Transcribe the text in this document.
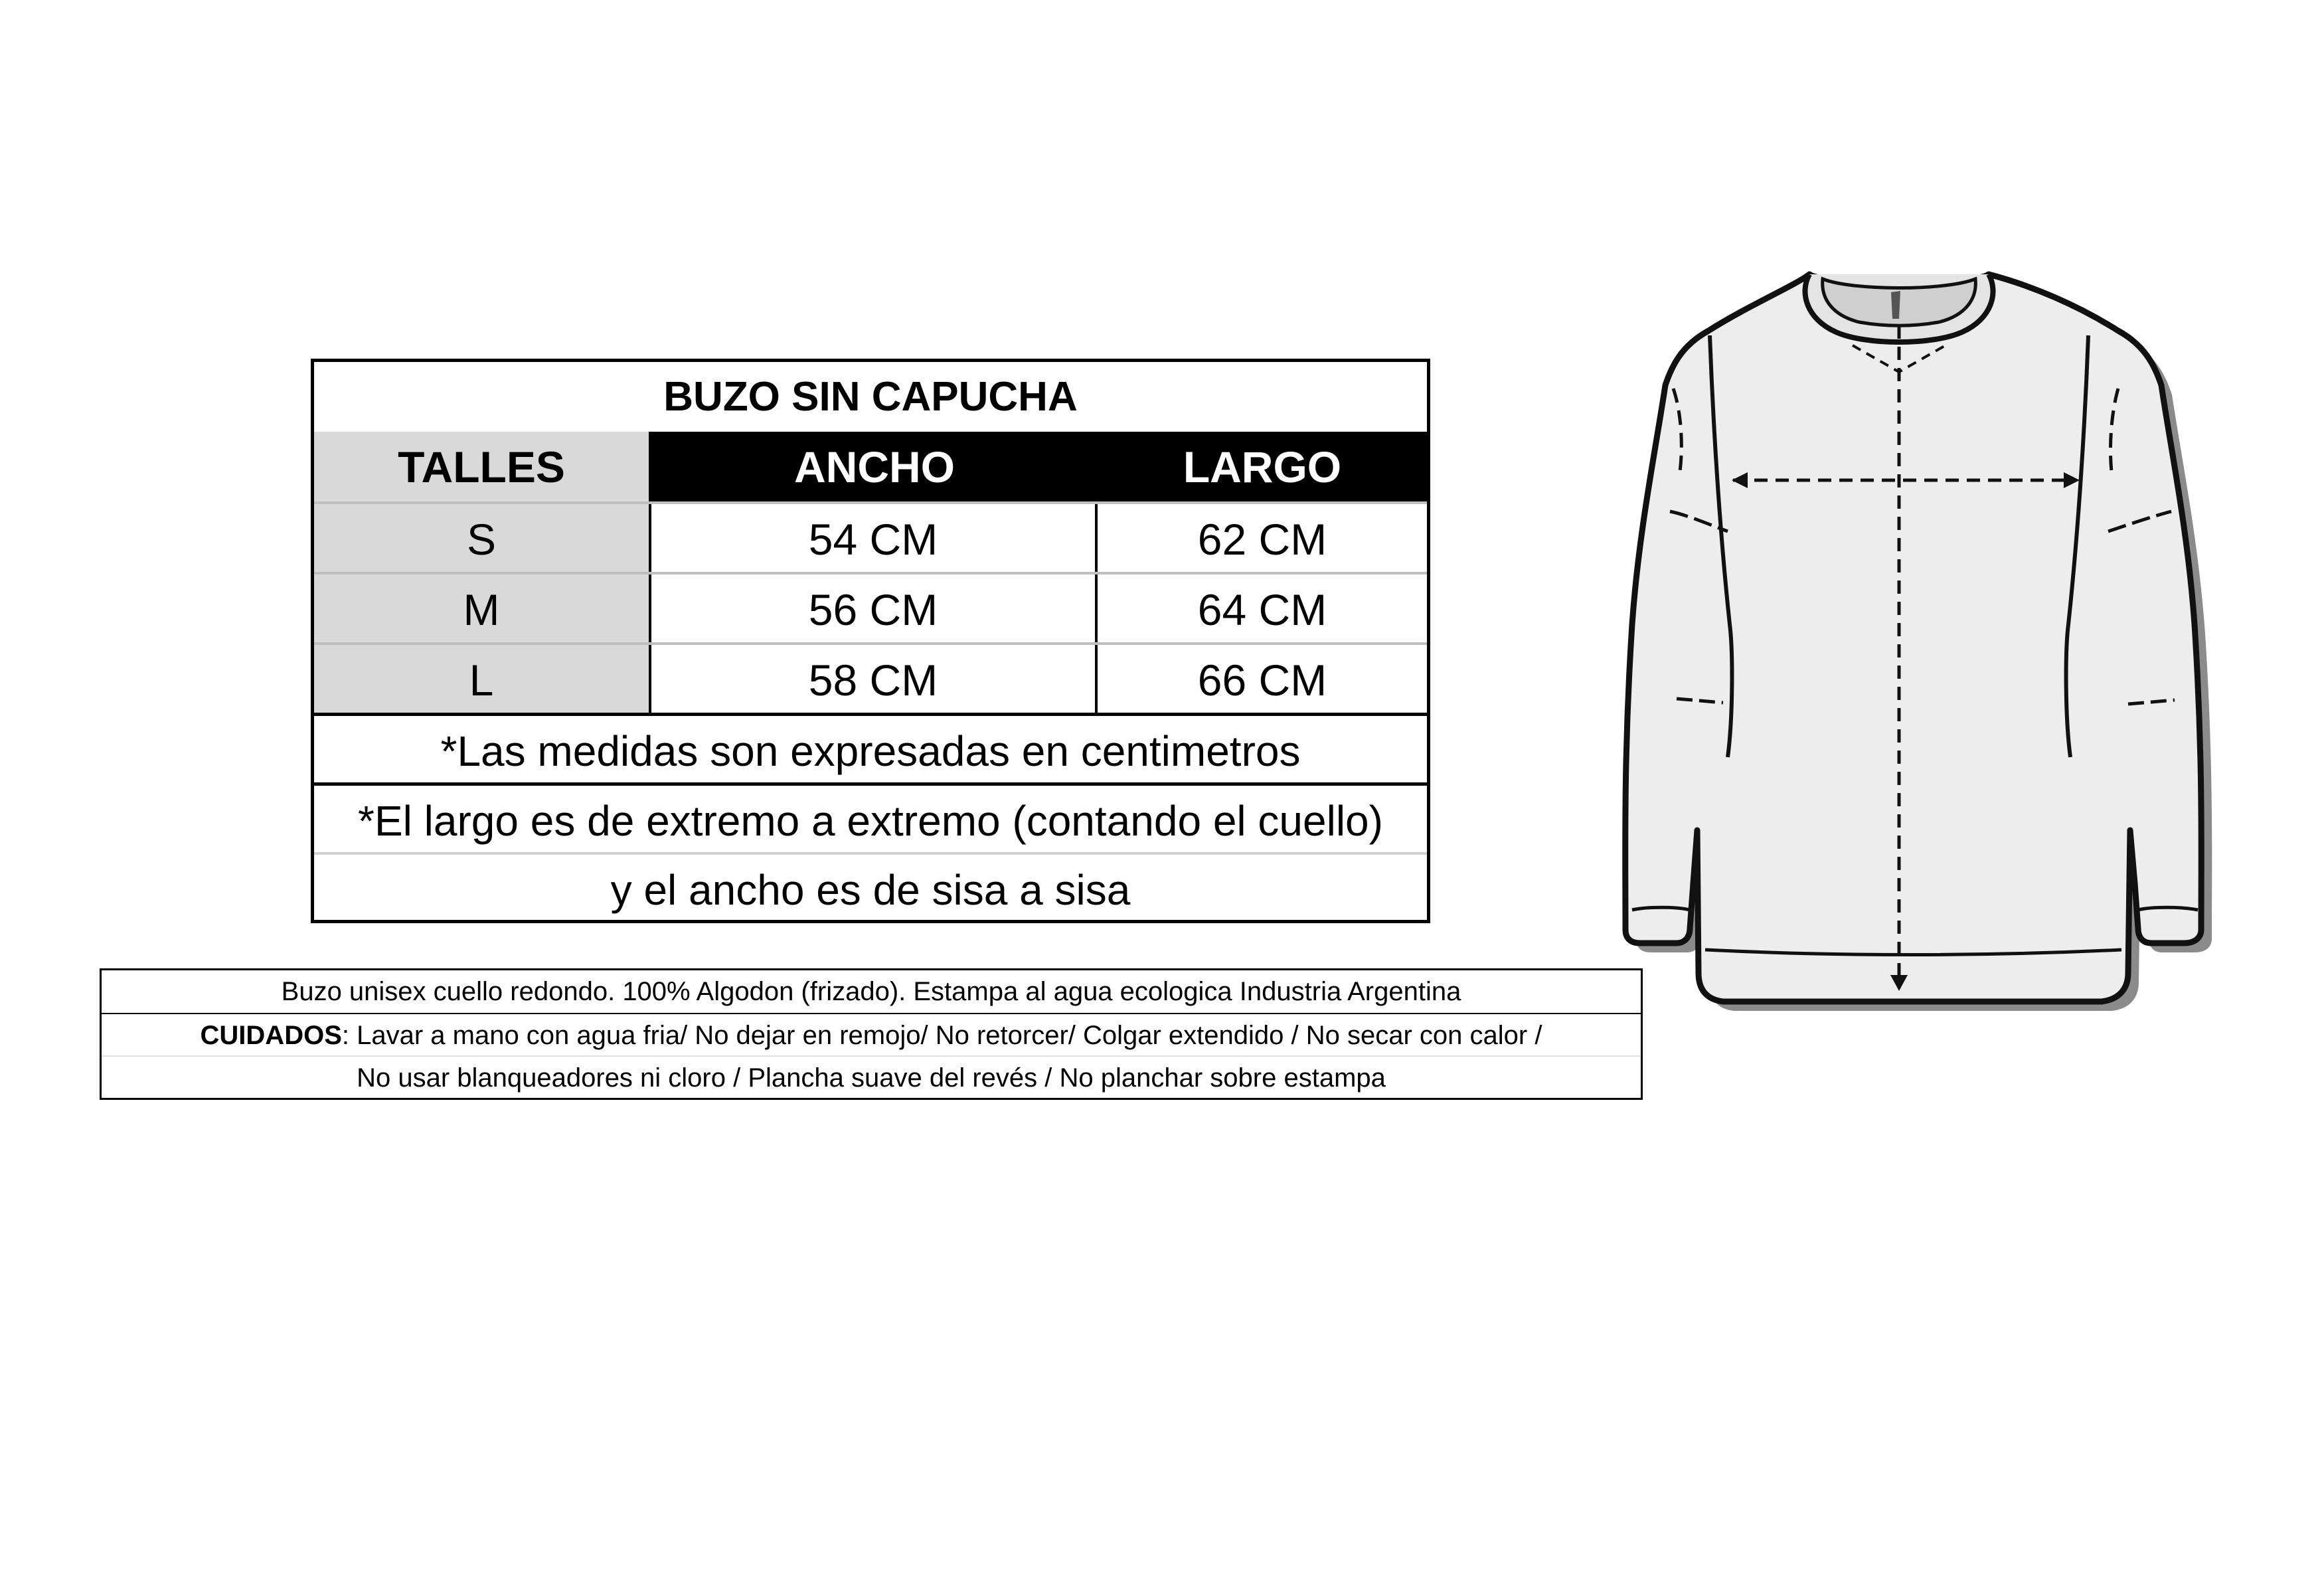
BUZO SIN CAPUCHA
TALLES	ANCHO	LARGO
S	54 CM	62 CM
M	56 CM	64 CM
L	58 CM	66 CM
*Las medidas son expresadas en centimetros
*El largo es de extremo a extremo (contando el cuello)
y el ancho es de sisa a sisa
Buzo unisex cuello redondo. 100% Algodon (frizado). Estampa al agua ecologica Industria Argentina
CUIDADOS : Lavar a mano con agua fria/ No dejar en remojo/ No retorcer/ Colgar extendido / No secar con calor /
No usar blanqueadores ni cloro / Plancha suave del revés / No planchar sobre estampa
